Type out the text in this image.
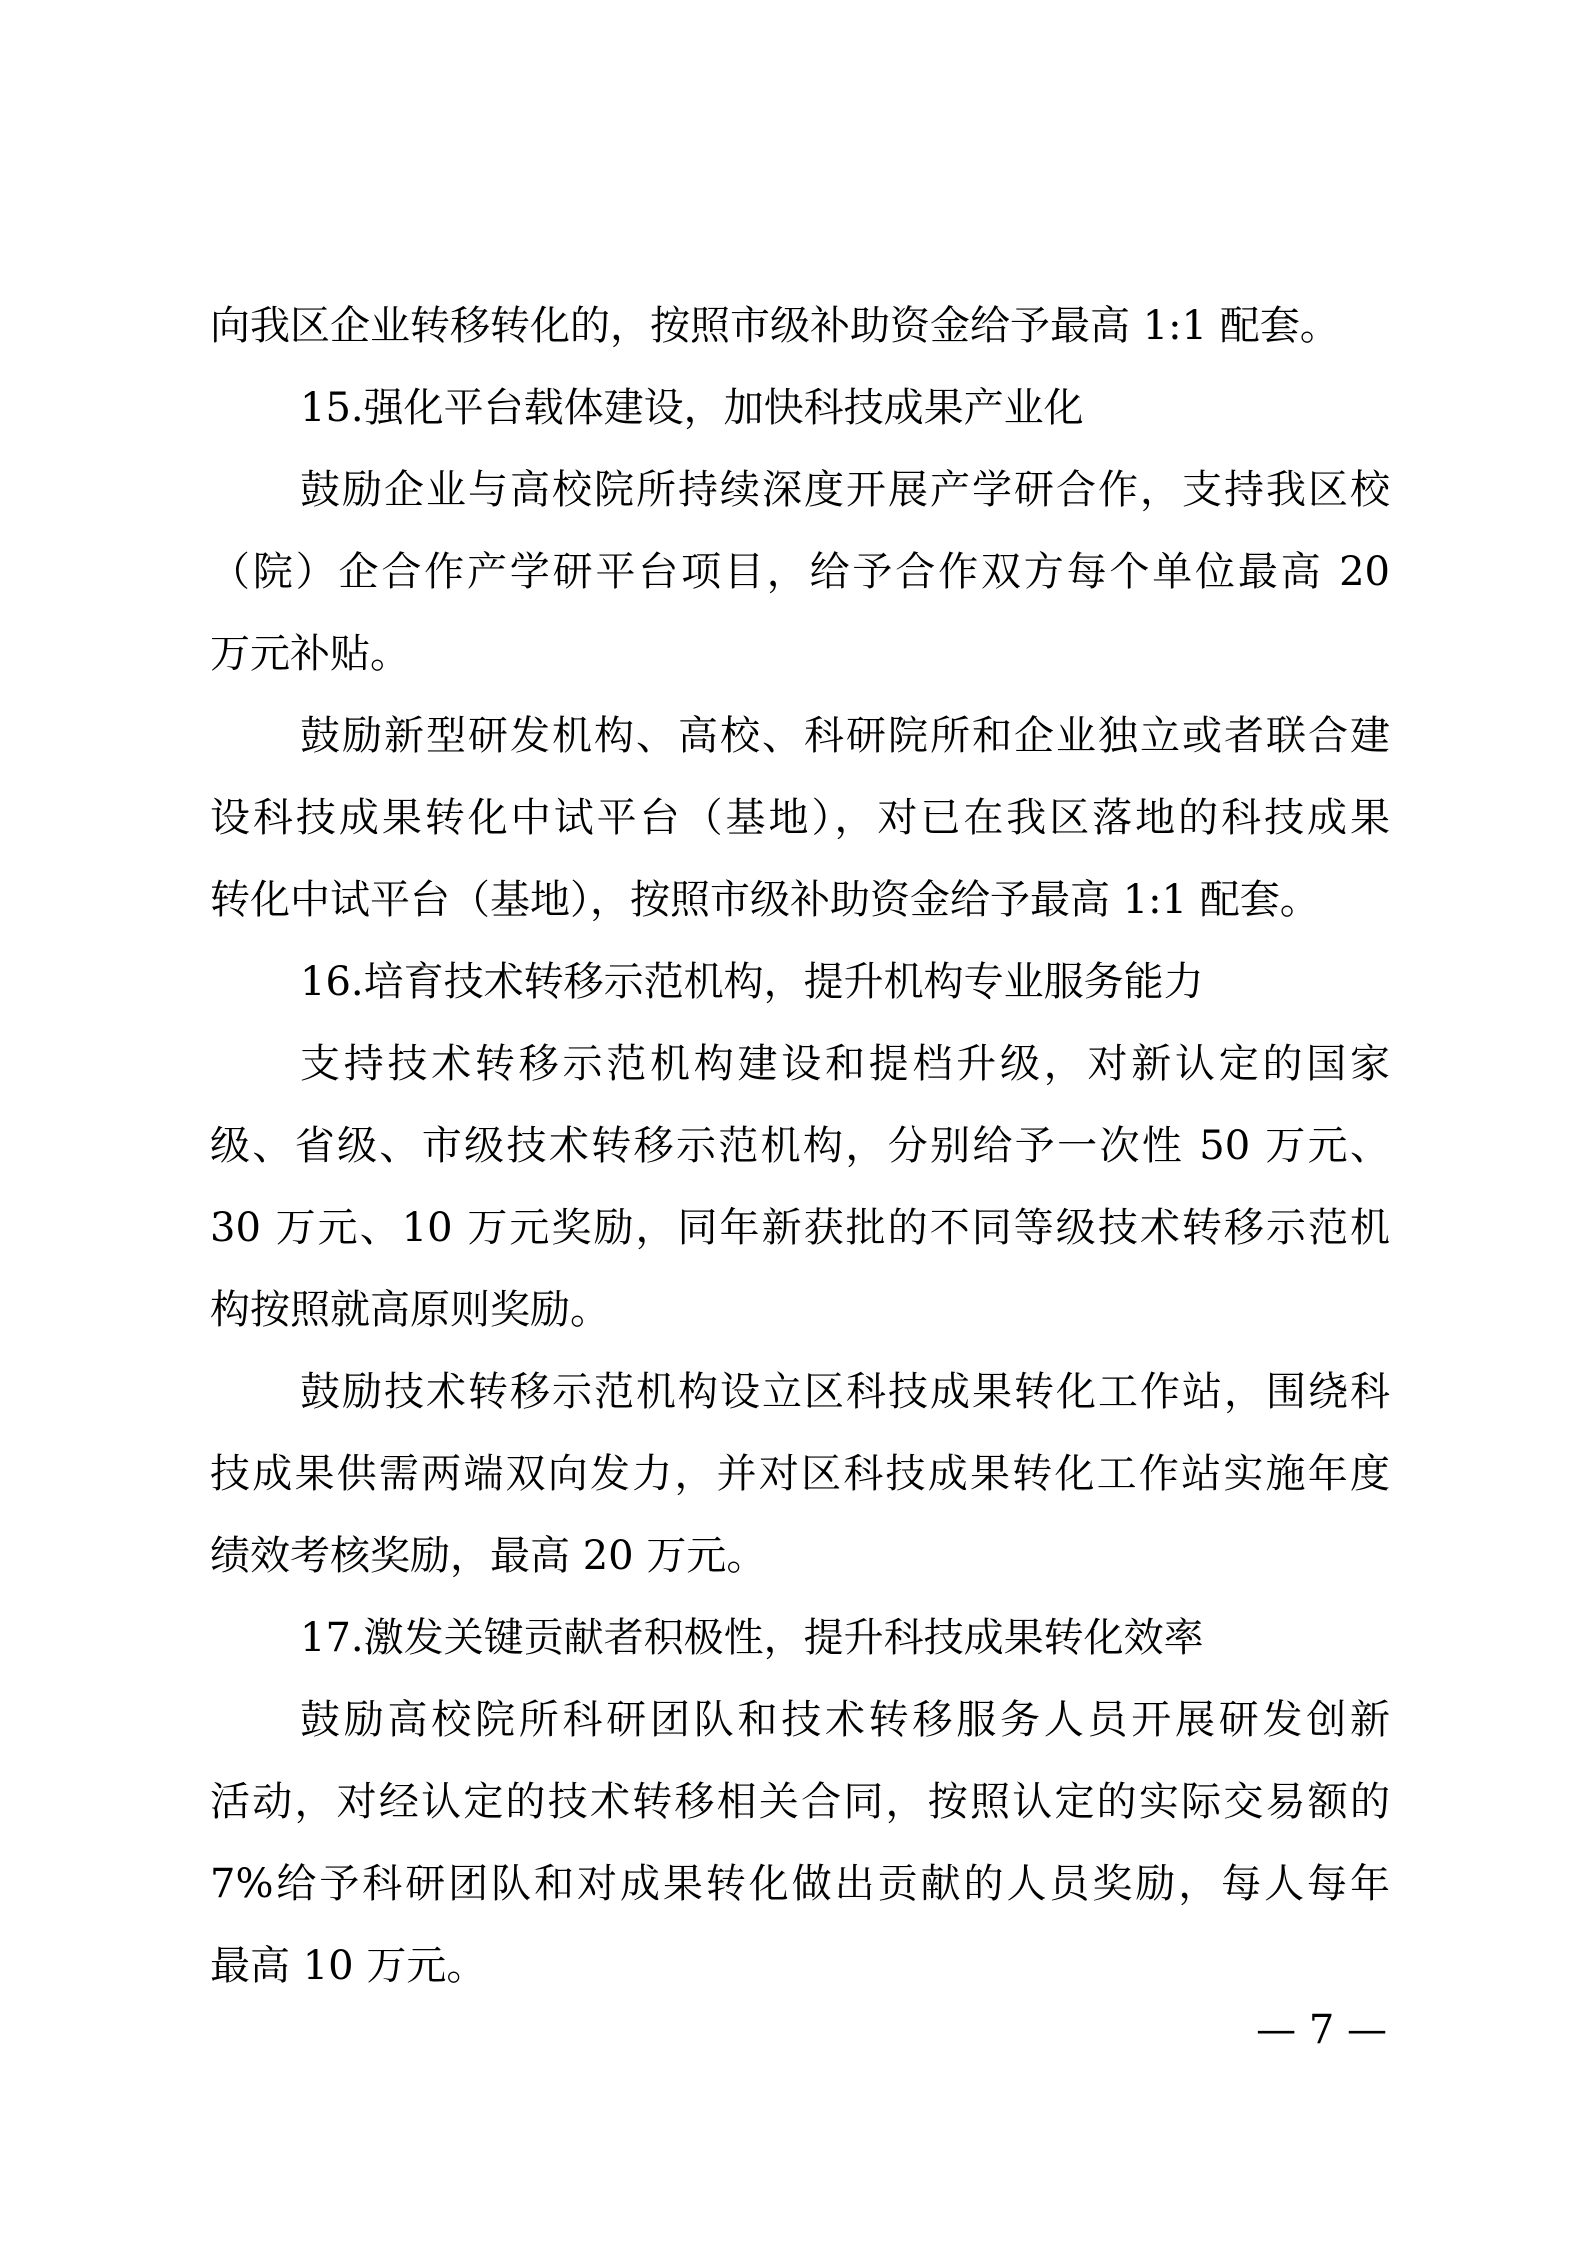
向我区企业转移转化的，按照市级补助资金给予最高 1:1 配套。
15.强化平台载体建设，加快科技成果产业化
鼓励企业与高校院所持续深度开展产学研合作，支持我区校
（院）企合作产学研平台项目，给予合作双方每个单位最高 20
万元补贴。
鼓励新型研发机构、高校、科研院所和企业独立或者联合建
设科技成果转化中试平台（基地），对已在我区落地的科技成果
转化中试平台（基地），按照市级补助资金给予最高 1:1 配套。
16.培育技术转移示范机构，提升机构专业服务能力
支持技术转移示范机构建设和提档升级，对新认定的国家
级、省级、市级技术转移示范机构，分别给予一次性 50 万元、
30 万元、10 万元奖励，同年新获批的不同等级技术转移示范机
构按照就高原则奖励。
鼓励技术转移示范机构设立区科技成果转化工作站，围绕科
技成果供需两端双向发力，并对区科技成果转化工作站实施年度
绩效考核奖励，最高 20 万元。
17.激发关键贡献者积极性，提升科技成果转化效率
鼓励高校院所科研团队和技术转移服务人员开展研发创新
活动，对经认定的技术转移相关合同，按照认定的实际交易额的
7%给予科研团队和对成果转化做出贡献的人员奖励，每人每年
最高 10 万元。
— 7 —
